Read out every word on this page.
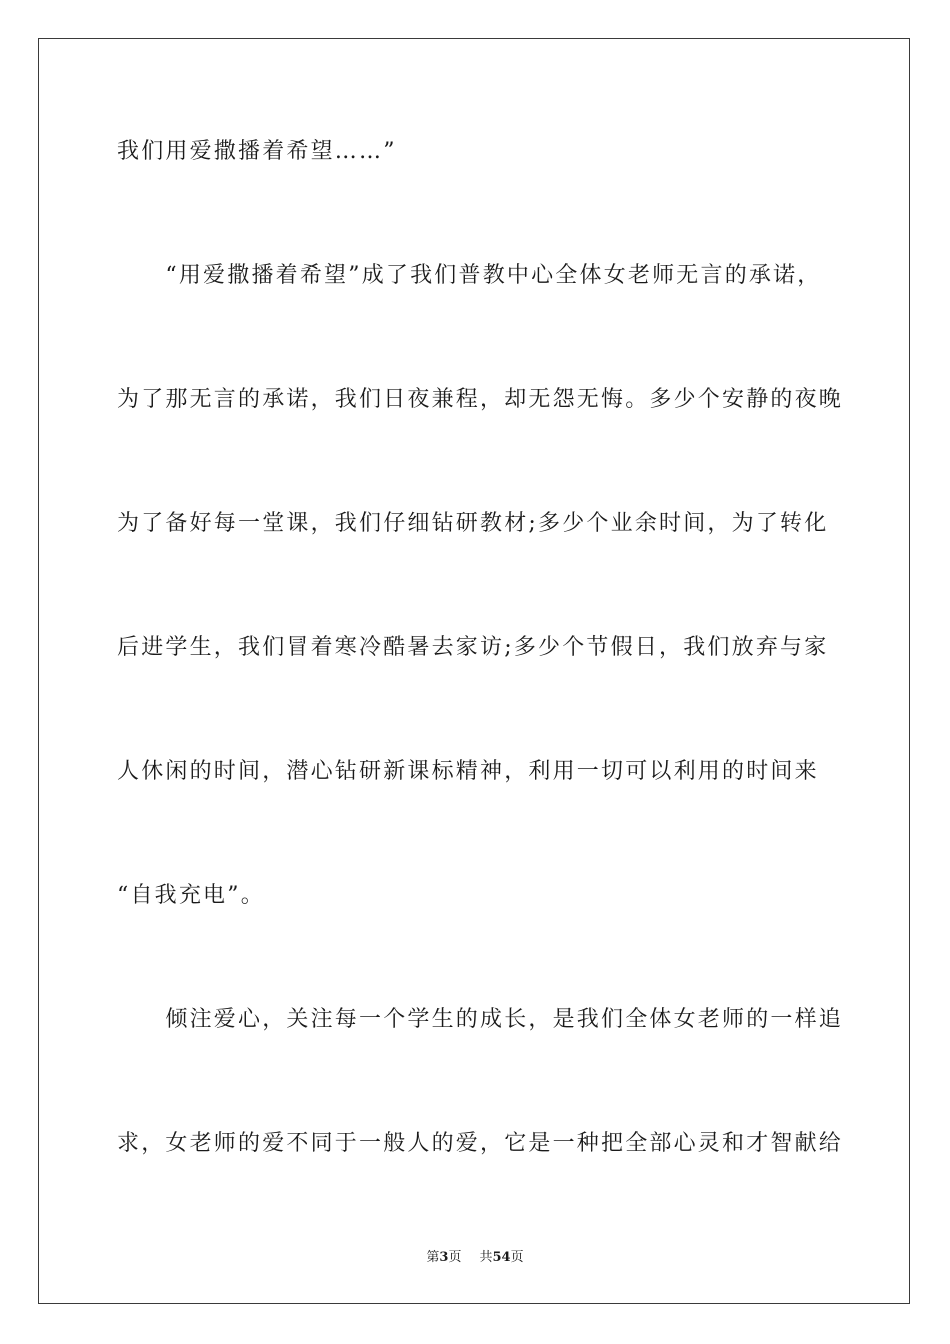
我们用爱撒播着希望……”
　　“用爱撒播着希望”成了我们普教中心全体女老师无言的承诺，
为了那无言的承诺，我们日夜兼程，却无怨无悔。多少个安静的夜晚
为了备好每一堂课，我们仔细钻研教材;多少个业余时间，为了转化
后进学生，我们冒着寒冷酷暑去家访;多少个节假日，我们放弃与家
人休闲的时间，潜心钻研新课标精神，利用一切可以利用的时间来
“自我充电”。
　　倾注爱心，关注每一个学生的成长，是我们全体女老师的一样追
求，女老师的爱不同于一般人的爱，它是一种把全部心灵和才智献给
第3页 共54页
